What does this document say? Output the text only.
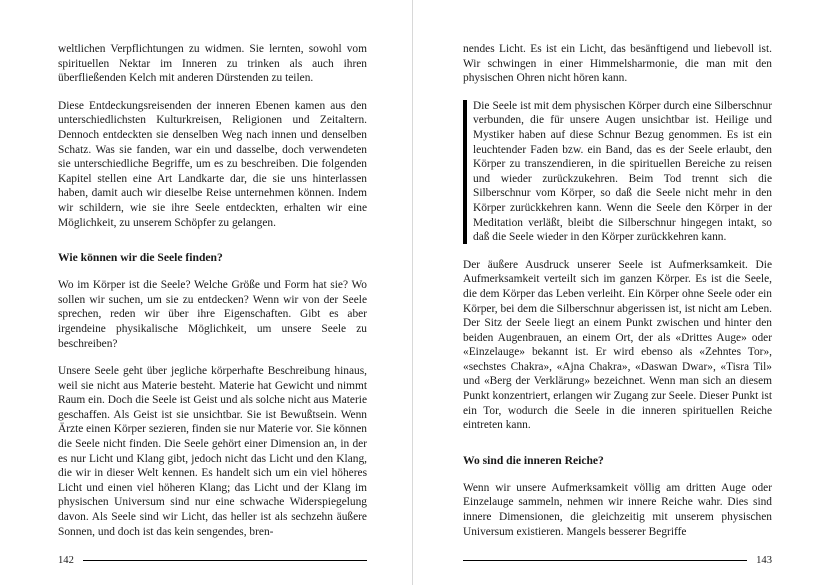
weltlichen Verpflichtungen zu widmen. Sie lernten, sowohl vom spirituellen Nektar im Inneren zu trinken als auch ihren überfließenden Kelch mit anderen Dürstenden zu teilen.

Diese Entdeckungsreisenden der inneren Ebenen kamen aus den unterschiedlichsten Kulturkreisen, Religionen und Zeitaltern. Dennoch entdeckten sie denselben Weg nach innen und denselben Schatz. Was sie fanden, war ein und dasselbe, doch verwendeten sie unterschiedliche Begriffe, um es zu beschreiben. Die folgenden Kapitel stellen eine Art Landkarte dar, die sie uns hinterlassen haben, damit auch wir dieselbe Reise unternehmen können. Indem wir schildern, wie sie ihre Seele entdeckten, erhalten wir eine Möglichkeit, zu unserem Schöpfer zu gelangen.

Wie können wir die Seele finden?

Wo im Körper ist die Seele? Welche Größe und Form hat sie? Wo sollen wir suchen, um sie zu entdecken? Wenn wir von der Seele sprechen, reden wir über ihre Eigenschaften. Gibt es aber irgendeine physikalische Möglichkeit, um unsere Seele zu beschreiben?

Unsere Seele geht über jegliche körperhafte Beschreibung hinaus, weil sie nicht aus Materie besteht. Materie hat Gewicht und nimmt Raum ein. Doch die Seele ist Geist und als solche nicht aus Materie geschaffen. Als Geist ist sie unsichtbar. Sie ist Bewußtsein. Wenn Ärzte einen Körper sezieren, finden sie nur Materie vor. Sie können die Seele nicht finden. Die Seele gehört einer Dimension an, in der es nur Licht und Klang gibt, jedoch nicht das Licht und den Klang, die wir in dieser Welt kennen. Es handelt sich um ein viel höheres Licht und einen viel höheren Klang; das Licht und der Klang im physischen Universum sind nur eine schwache Widerspiegelung davon. Als Seele sind wir Licht, das heller ist als sechzehn äußere Sonnen, und doch ist das kein sengendes, bren-

142

nendes Licht. Es ist ein Licht, das besänftigend und liebevoll ist. Wir schwingen in einer Himmelsharmonie, die man mit den physischen Ohren nicht hören kann.

Die Seele ist mit dem physischen Körper durch eine Silberschnur verbunden, die für unsere Augen unsichtbar ist. Heilige und Mystiker haben auf diese Schnur Bezug genommen. Es ist ein leuchtender Faden bzw. ein Band, das es der Seele erlaubt, den Körper zu transzendieren, in die spirituellen Bereiche zu reisen und wieder zurückzukehren. Beim Tod trennt sich die Silberschnur vom Körper, so daß die Seele nicht mehr in den Körper zurückkehren kann. Wenn die Seele den Körper in der Meditation verläßt, bleibt die Silberschnur hingegen intakt, so daß die Seele wieder in den Körper zurückkehren kann.

Der äußere Ausdruck unserer Seele ist Aufmerksamkeit. Die Aufmerksamkeit verteilt sich im ganzen Körper. Es ist die Seele, die dem Körper das Leben verleiht. Ein Körper ohne Seele oder ein Körper, bei dem die Silberschnur abgerissen ist, ist nicht am Leben. Der Sitz der Seele liegt an einem Punkt zwischen und hinter den beiden Augenbrauen, an einem Ort, der als «Drittes Auge» oder «Einzelauge» bekannt ist. Er wird ebenso als «Zehntes Tor», «sechstes Chakra», «Ajna Chakra», «Daswan Dwar», «Tisra Til» und «Berg der Verklärung» bezeichnet. Wenn man sich an diesem Punkt konzentriert, erlangen wir Zugang zur Seele. Dieser Punkt ist ein Tor, wodurch die Seele in die inneren spirituellen Reiche eintreten kann.

Wo sind die inneren Reiche?

Wenn wir unsere Aufmerksamkeit völlig am dritten Auge oder Einzelauge sammeln, nehmen wir innere Reiche wahr. Dies sind innere Dimensionen, die gleichzeitig mit unserem physischen Universum existieren. Mangels besserer Begriffe

143
